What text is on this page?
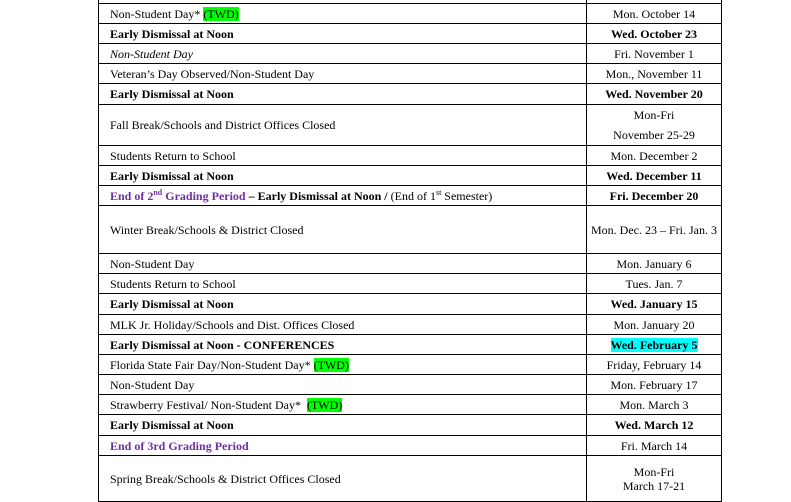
Non-Student Day* (TWD)	Mon. October 14
Early Dismissal at Noon	Wed. October 23
Non-Student Day	Fri. November 1
Veteran’s Day Observed/Non-Student Day	Mon., November 11
Early Dismissal at Noon	Wed. November 20
Fall Break/Schools and District Offices Closed	Mon-Fri
November 25-29

Students Return to School	Mon. December 2
Early Dismissal at Noon	Wed. December 11
End of 2nd Grading Period – Early Dismissal at Noon / (End of 1st Semester)	Fri. December 20
Winter Break/Schools & District Closed	Mon. Dec. 23 – Fri. Jan. 3
Non-Student Day	Mon. January 6
Students Return to School	Tues. Jan. 7
Early Dismissal at Noon	Wed. January 15
MLK Jr. Holiday/Schools and Dist. Offices Closed	Mon. January 20
Early Dismissal at Noon - CONFERENCES	Wed. February 5
Florida State Fair Day/Non-Student Day* (TWD)	Friday, February 14
Non-Student Day	Mon. February 17
Strawberry Festival/ Non-Student Day*  (TWD)	Mon. March 3
Early Dismissal at Noon	Wed. March 12
End of 3rd Grading Period	Fri. March 14
Spring Break/Schools & District Offices Closed	Mon-Fri
March 17-21
